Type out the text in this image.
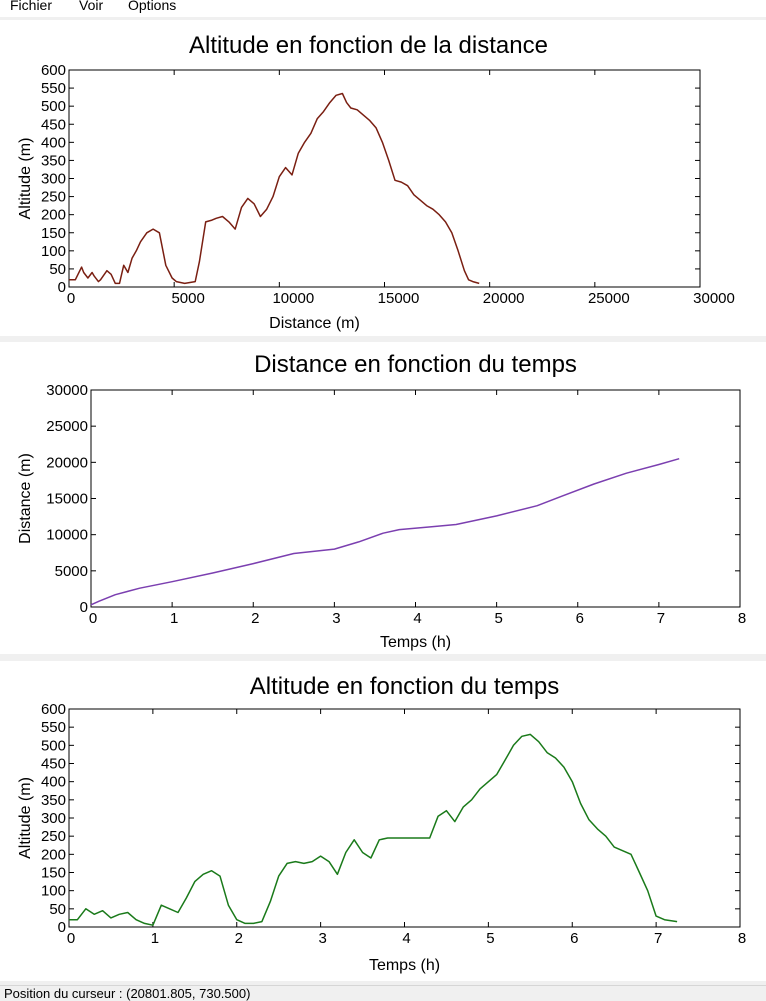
Fichier Voir Options
Altitude en fonction de la distance
0
50
100
150
200
250
300
350
400
450
500
550
600
0	5000	10000	15000	20000	25000	30000
Distance (m)
Altitude (m)
Distance en fonction du temps
0
5000
10000
15000
20000
25000
30000
0	1	2	3	4	5	6	7	8
Temps (h)
Distance (m)
Altitude en fonction du temps
0
50
100
150
200
250
300
350
400
450
500
550
600
0	1	2	3	4	5	6	7	8
Temps (h)
Altitude (m)
Position du curseur : (20801.805, 730.500)
